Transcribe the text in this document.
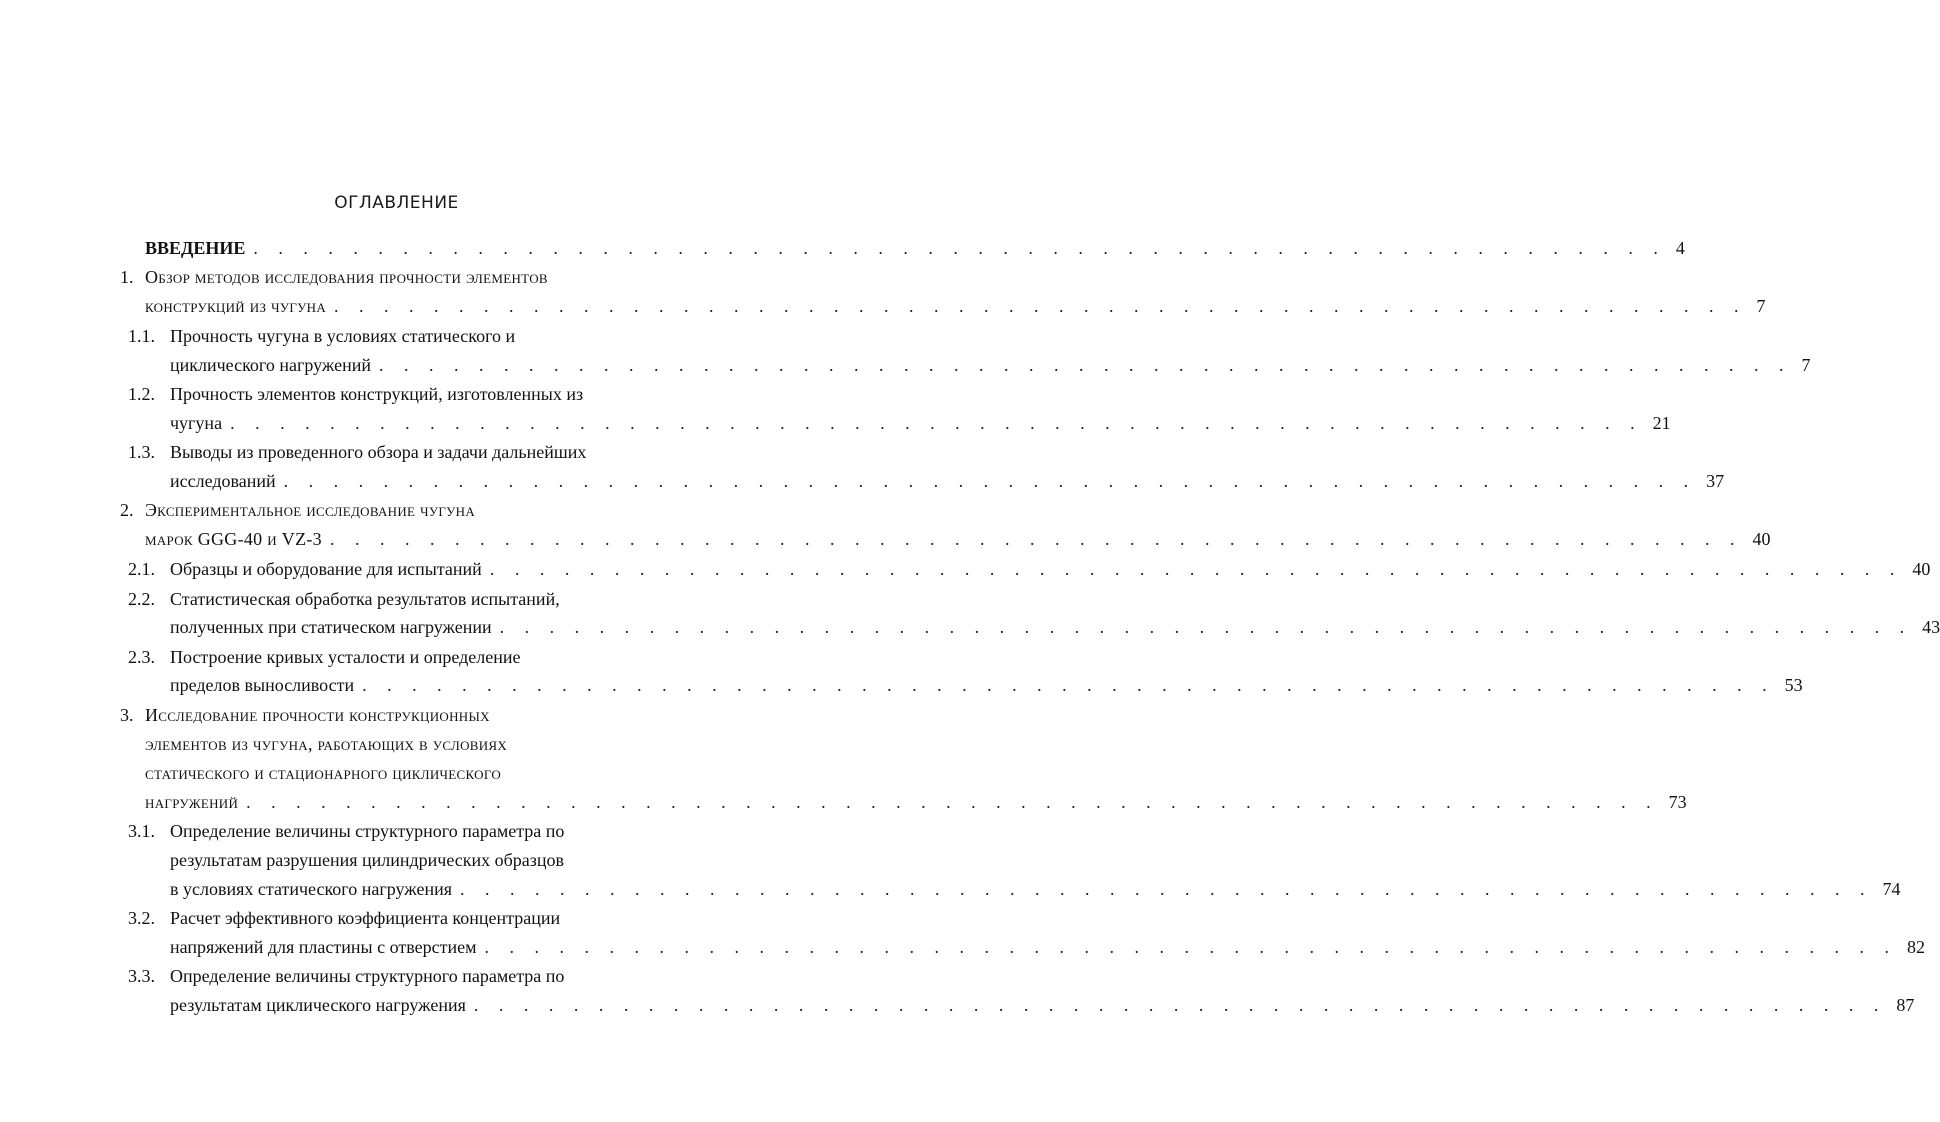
ОГЛАВЛЕНИЕ
ВВЕДЕНИЕ . . . . . . . . . . . . . . . . . . . . . . . . . . . . . . . . . . . . . . . . . . . . . . . . . . . . . . . . . 4
1. Обзор методов исследования прочности элементов
конструкций из чугуна . . . . . . . . . . . . . . . . . . . . . . . . . . . . . . . . . . . . . . . . . . . . . . . . . . . . . . . . . 7
1.1. Прочность чугуна в условиях статического и
циклического нагружений . . . . . . . . . . . . . . . . . . . . . . . . . . . . . . . . . . . . . . . . . . . . . . . . . . . . . . . . . 7
1.2. Прочность элементов конструкций, изготовленных из
чугуна . . . . . . . . . . . . . . . . . . . . . . . . . . . . . . . . . . . . . . . . . . . . . . . . . . . . . . . . . 21
1.3. Выводы из проведенного обзора и задачи дальнейших
исследований . . . . . . . . . . . . . . . . . . . . . . . . . . . . . . . . . . . . . . . . . . . . . . . . . . . . . . . . . 37
2. Экспериментальное исследование чугуна
марок GGG-40 и VZ-3 . . . . . . . . . . . . . . . . . . . . . . . . . . . . . . . . . . . . . . . . . . . . . . . . . . . . . . . . . 40
2.1. Образцы и оборудование для испытаний . . . . . . . . . . . . . . . . . . . . . . . . . . . . . . . . . . . . . . . . . . . . . . . . . . . . . . . . . 40
2.2. Статистическая обработка результатов испытаний,
полученных при статическом нагружении . . . . . . . . . . . . . . . . . . . . . . . . . . . . . . . . . . . . . . . . . . . . . . . . . . . . . . . . . 43
2.3. Построение кривых усталости и определение
пределов выносливости . . . . . . . . . . . . . . . . . . . . . . . . . . . . . . . . . . . . . . . . . . . . . . . . . . . . . . . . . 53
3. Исследование прочности конструкционных
элементов из чугуна, работающих в условиях
статического и стационарного циклического
нагружений . . . . . . . . . . . . . . . . . . . . . . . . . . . . . . . . . . . . . . . . . . . . . . . . . . . . . . . . . 73
3.1. Определение величины структурного параметра по
результатам разрушения цилиндрических образцов
в условиях статического нагружения . . . . . . . . . . . . . . . . . . . . . . . . . . . . . . . . . . . . . . . . . . . . . . . . . . . . . . . . . 74
3.2. Расчет эффективного коэффициента концентрации
напряжений для пластины с отверстием . . . . . . . . . . . . . . . . . . . . . . . . . . . . . . . . . . . . . . . . . . . . . . . . . . . . . . . . . 82
3.3. Определение величины структурного параметра по
результатам циклического нагружения . . . . . . . . . . . . . . . . . . . . . . . . . . . . . . . . . . . . . . . . . . . . . . . . . . . . . . . . . 87
